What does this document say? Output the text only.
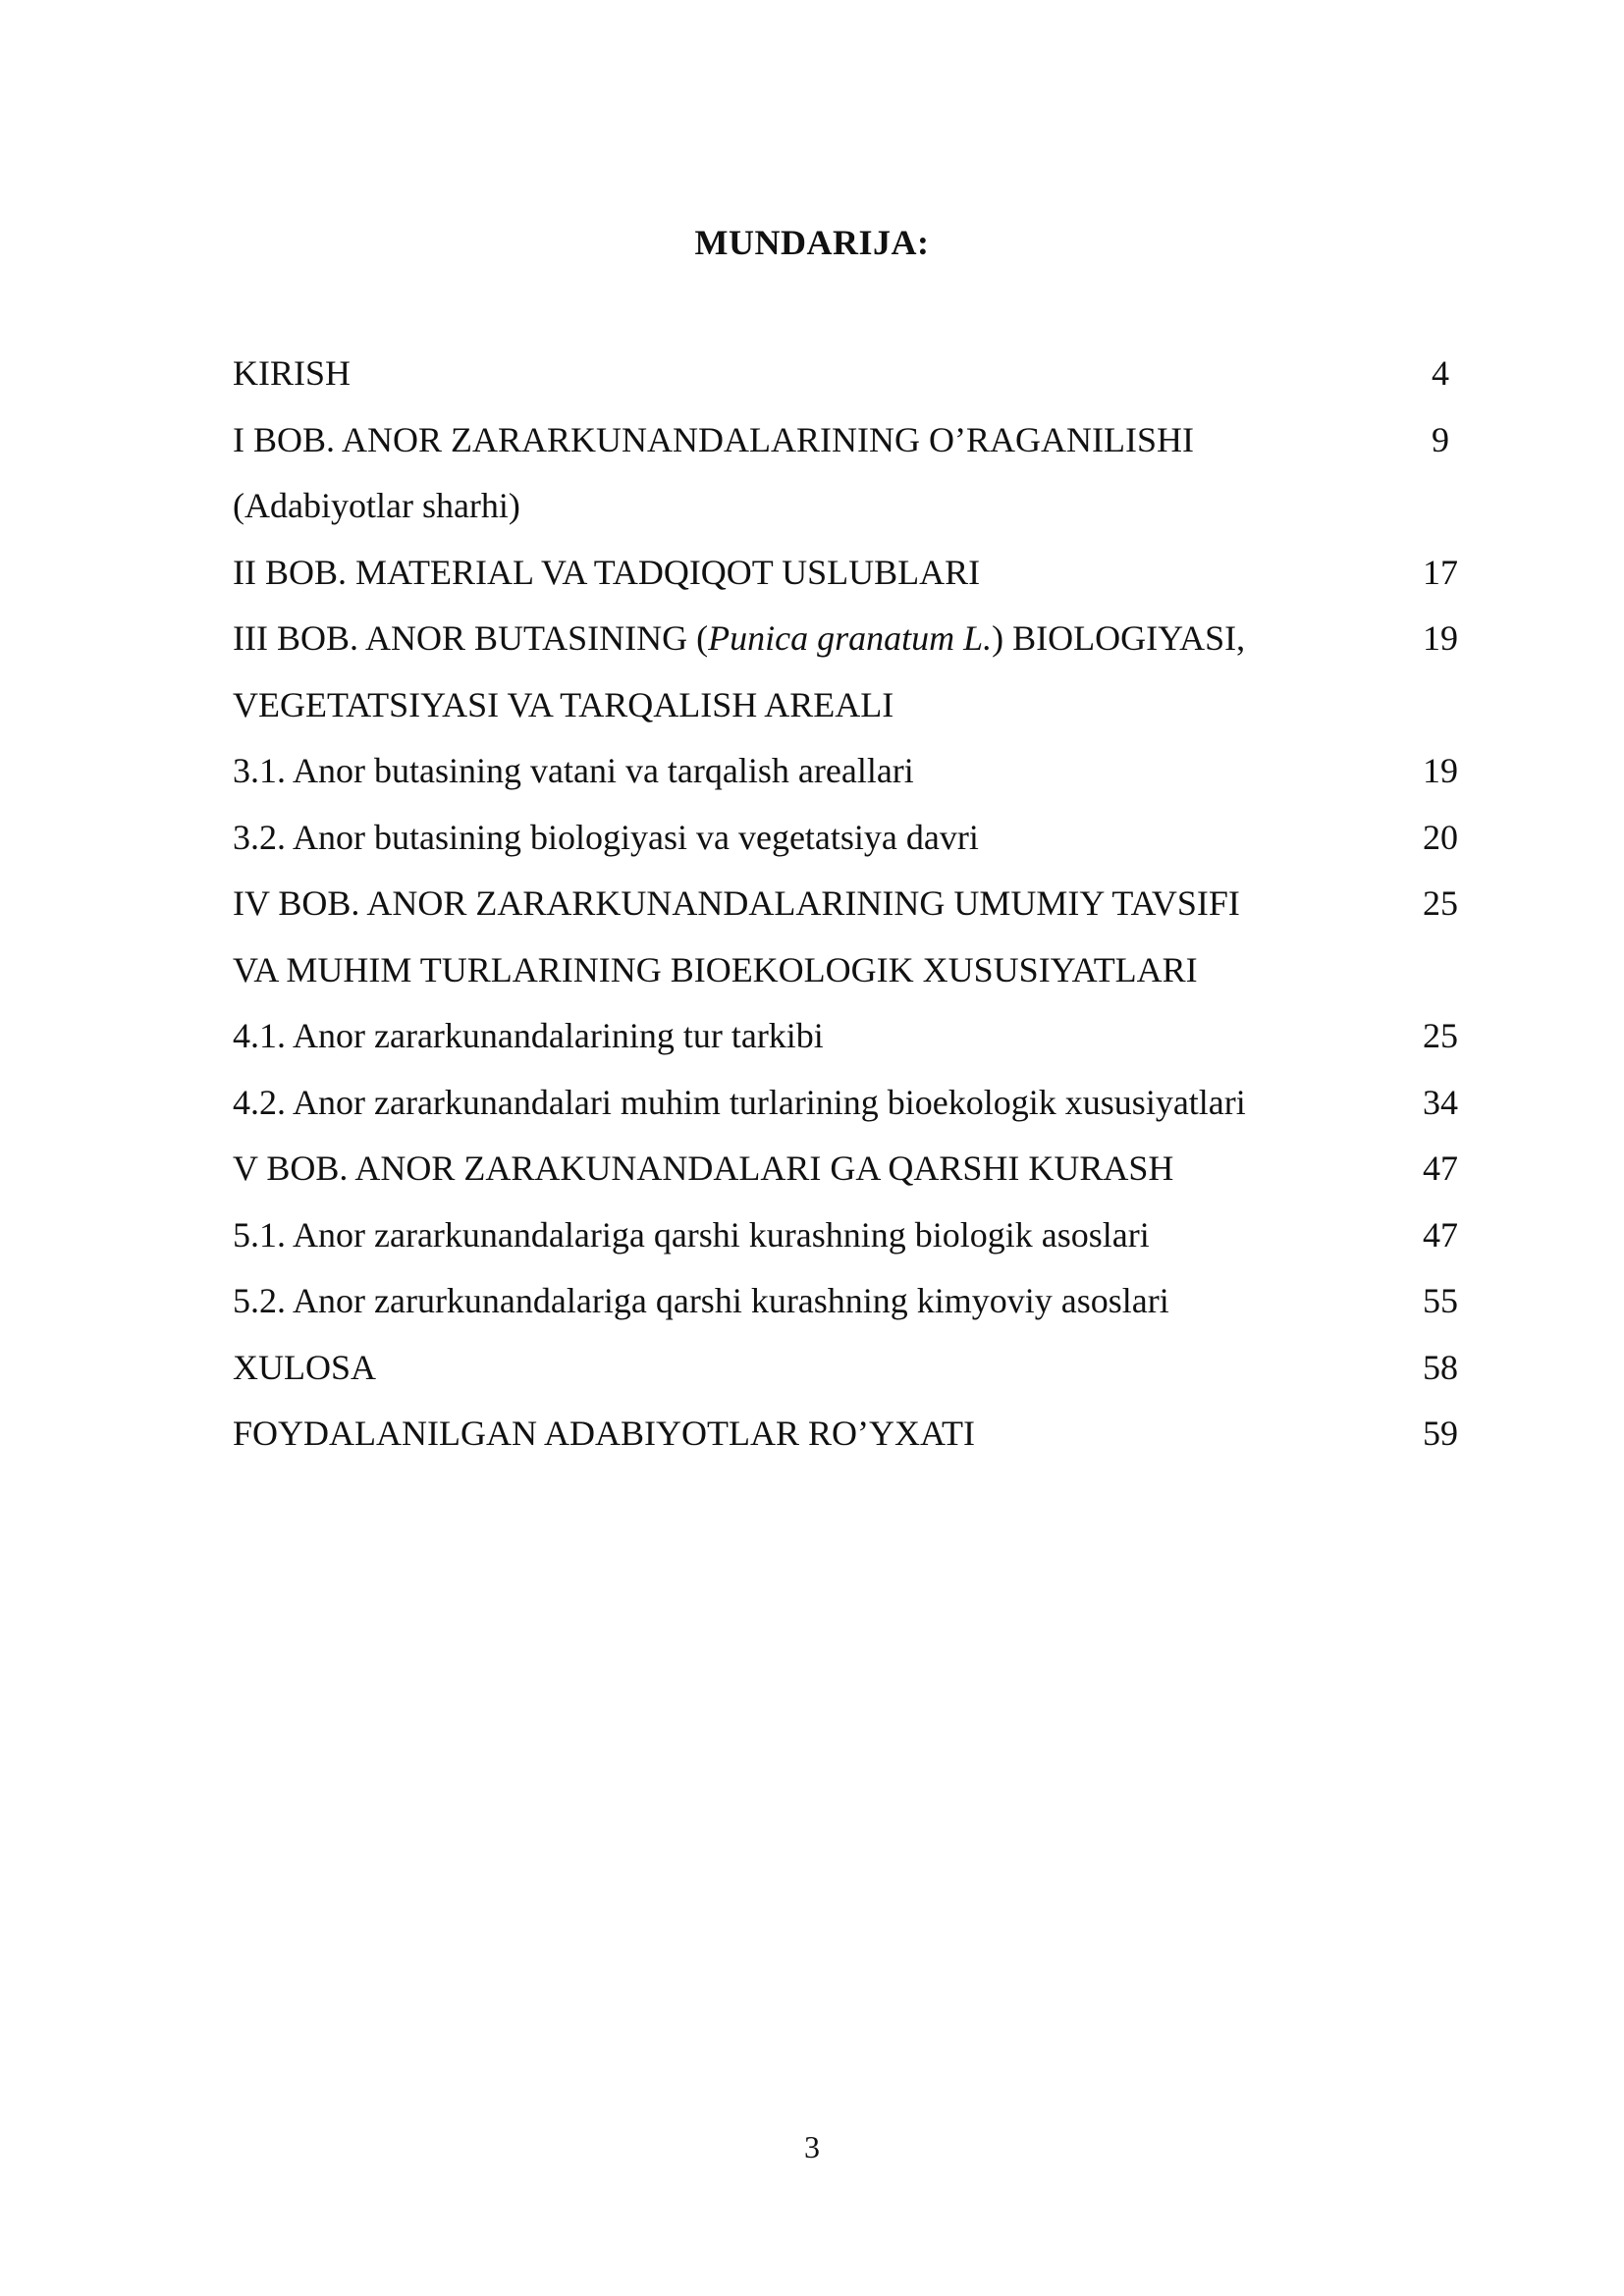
MUNDARIJA:
KIRISH	4
I BOB. ANOR ZARARKUNANDALARINING O’RAGANILISHI	9
(Adabiyotlar sharhi)
II BOB. MATERIAL VA TADQIQOT USLUBLARI	17
III BOB. ANOR BUTASINING (Punica granatum L.) BIOLOGIYASI,	19
VEGETATSIYASI VA TARQALISH AREALI
3.1. Anor butasining vatani va tarqalish areallari	19
3.2. Anor butasining biologiyasi va vegetatsiya davri	20
IV BOB. ANOR ZARARKUNANDALARINING UMUMIY TAVSIFI	25
VA MUHIM TURLARINING BIOEKOLOGIK XUSUSIYATLARI
4.1. Anor zararkunandalarining tur tarkibi	25
4.2. Anor zararkunandalari muhim turlarining bioekologik xususiyatlari	34
V BOB. ANOR ZARAKUNANDALARI GA QARSHI KURASH	47
5.1. Anor zararkunandalariga qarshi kurashning biologik asoslari	47
5.2. Anor zarurkunandalariga qarshi kurashning kimyoviy asoslari	55
XULOSA	58
FOYDALANILGAN ADABIYOTLAR RO’YXATI	59
3
